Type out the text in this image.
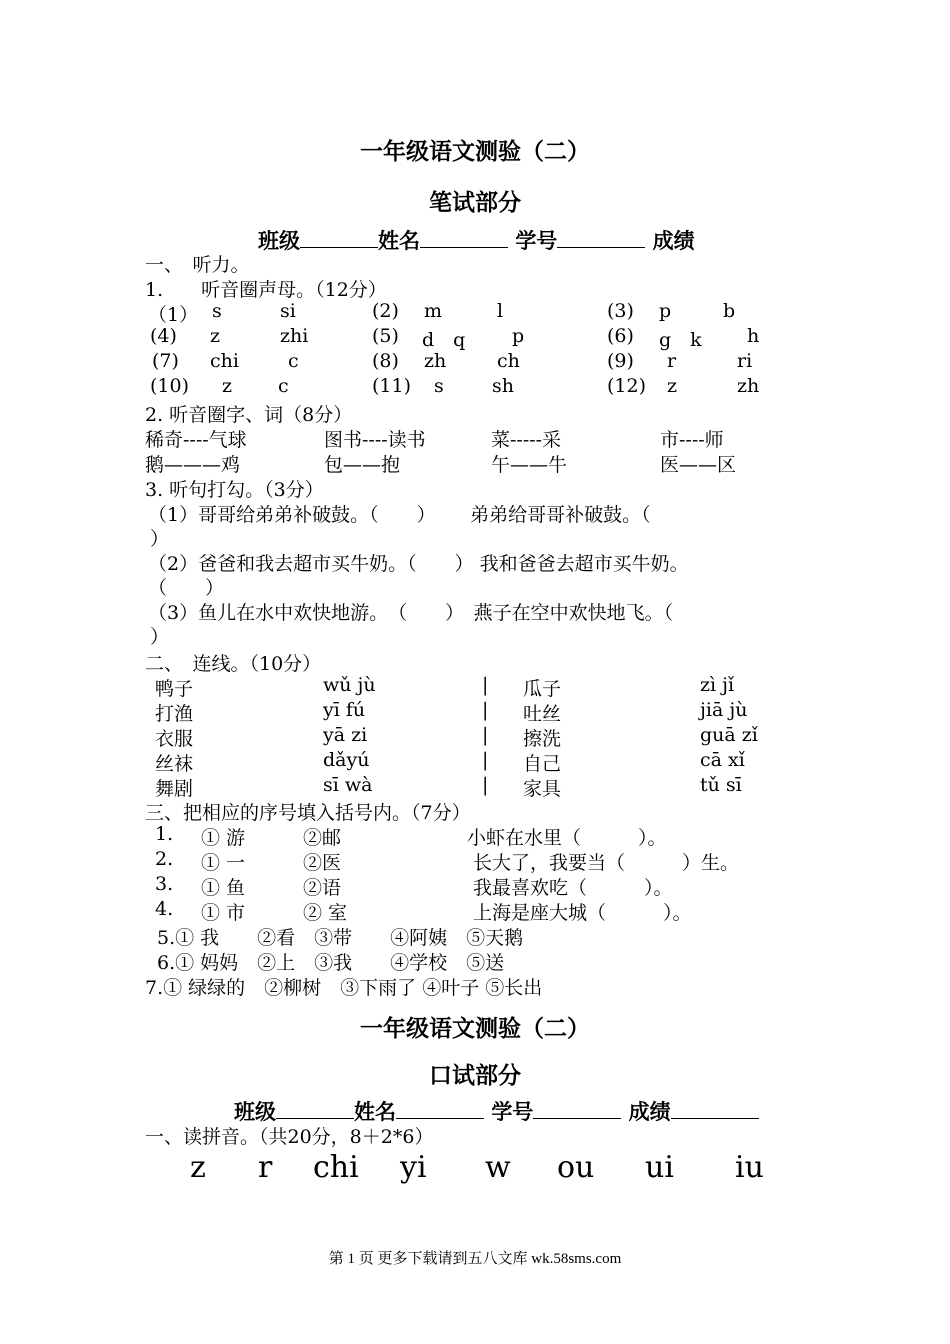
一年级语文测验（二）
笔试部分
班级	姓名	学号	成绩
一、　听力。
1.　　听音圈声母。（12分）
（1） s	si	(2) m	l	(3) p	b
(4) z	zhi	(5) d　q p	(6) g　k h
(7) chi	c	(8) zh	ch	(9) r	ri
(10) z c	(11) s	sh	(12) z	zh
2. 听音圈字、词（8分）
稀奇----气球	图书----读书	菜-----采	市----师
鹅———鸡	包——抱	午——牛	医——区
3. 听句打勾。（3分）
（1）哥哥给弟弟补破鼓。（　　）　　 弟弟给哥哥补破鼓。（
）
（2）爸爸和我去超市买牛奶。（　　） 我和爸爸去超市买牛奶。
（　　）
（3）鱼儿在水中欢快地游。　（　　）　燕子在空中欢快地飞。（
）
二、　连线。（10分）
鸭子	wǔ jù	| 瓜子	zì jǐ
打渔	yī fú	| 吐丝	jiā jù
衣服	yā zi	| 擦洗	guā zǐ
丝袜	dǎyú	| 自己	cā xǐ
舞剧	sī wà	| 家具	tǔ sī
三、把相应的序号填入括号内。（7分）
1. ① 游	②邮	小虾在水里（　　　）。
2. ① 一	②医	长大了，我要当（　　　）生。
3. ① 鱼	②语	我最喜欢吃（　　　）。
4. ① 市	② 室	上海是座大城（　　　）。
5.① 我　　②看　③带　　④阿姨　⑤天鹅
6.① 妈妈　②上　③我　　④学校　⑤送
7.① 绿绿的　②柳树　③下雨了 ④叶子 ⑤长出
一年级语文测验（二）
口试部分
班级	姓名	学号	成绩
一、读拼音。（共20分，8＋2*6）
z r chi yi w ou ui iu
第 1 页 更多下载请到五八文库 wk.58sms.com
